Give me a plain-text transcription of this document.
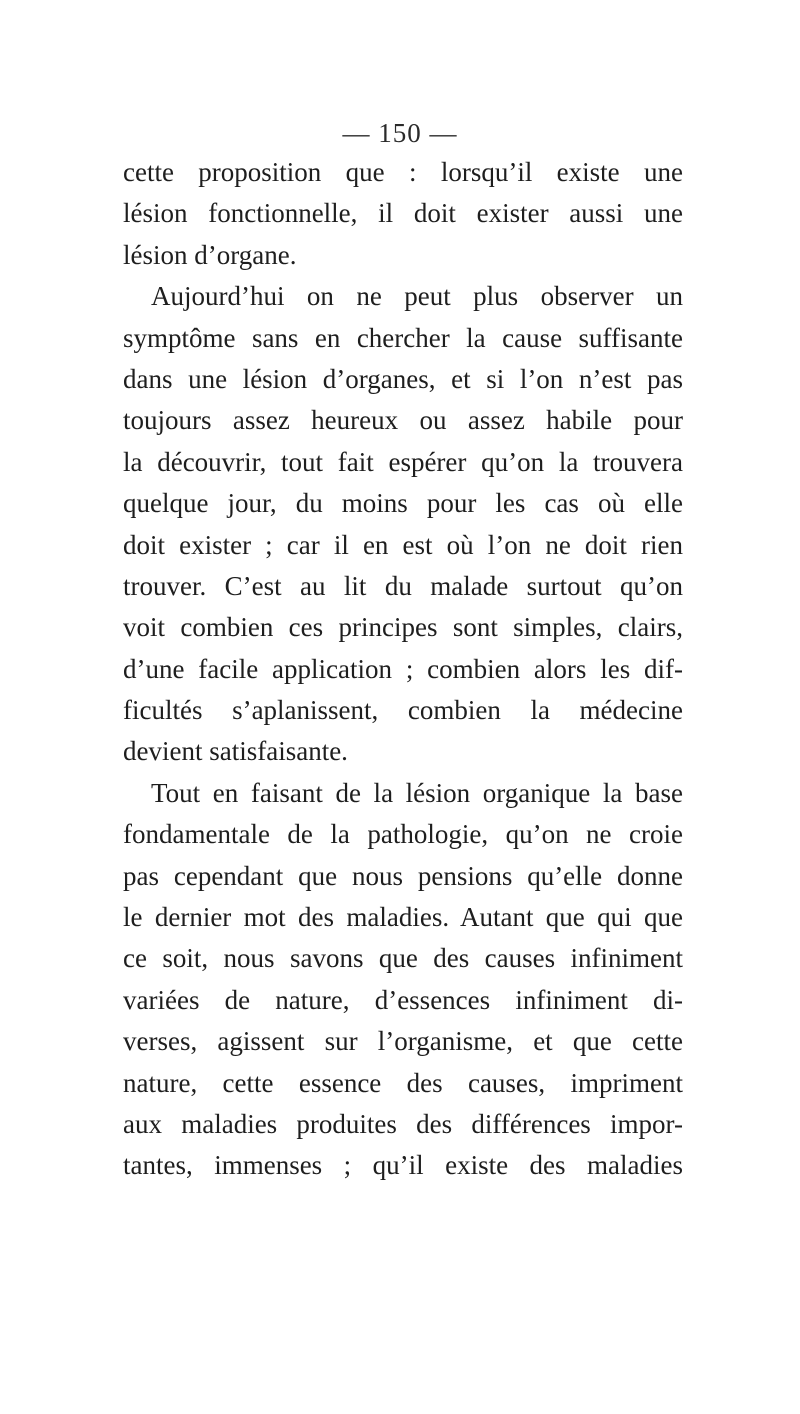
— 150 —
cette proposition que : lorsqu’il existe une
lésion fonctionnelle, il doit exister aussi une
lésion d’organe.
Aujourd’hui on ne peut plus observer un
symptôme sans en chercher la cause suffisante
dans une lésion d’organes, et si l’on n’est pas
toujours assez heureux ou assez habile pour
la découvrir, tout fait espérer qu’on la trouvera
quelque jour, du moins pour les cas où elle
doit exister ; car il en est où l’on ne doit rien
trouver. C’est au lit du malade surtout qu’on
voit combien ces principes sont simples, clairs,
d’une facile application ; combien alors les dif-
ficultés s’aplanissent, combien la médecine
devient satisfaisante.
Tout en faisant de la lésion organique la base
fondamentale de la pathologie, qu’on ne croie
pas cependant que nous pensions qu’elle donne
le dernier mot des maladies. Autant que qui que
ce soit, nous savons que des causes infiniment
variées de nature, d’essences infiniment di-
verses, agissent sur l’organisme, et que cette
nature, cette essence des causes, impriment
aux maladies produites des différences impor-
tantes, immenses ; qu’il existe des maladies
